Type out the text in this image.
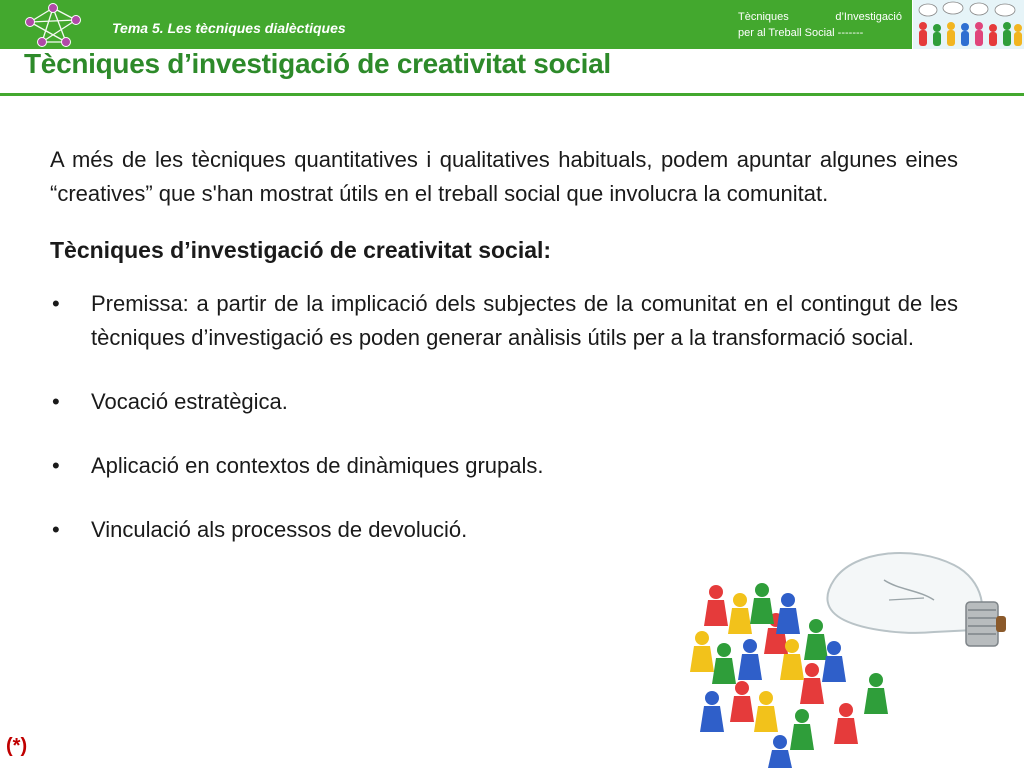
Tema 5. Les tècniques dialèctiques
Tècniques	d’Investigació
per al Treball Social -------
Tècniques d’investigació de creativitat social

A més de les tècniques quantitatives i qualitatives habituals, podem apuntar algunes eines “creatives” que s'han mostrat útils en el treball social que involucra la comunitat.

Tècniques d’investigació de creativitat social:

• Premissa: a partir de la implicació dels subjectes de la comunitat en el contingut de les tècniques d’investigació es poden generar anàlisis útils per a la transformació social.
• Vocació estratègica.
• Aplicació en contextos de dinàmiques grupals.
• Vinculació als processos de devolució.
(*)
